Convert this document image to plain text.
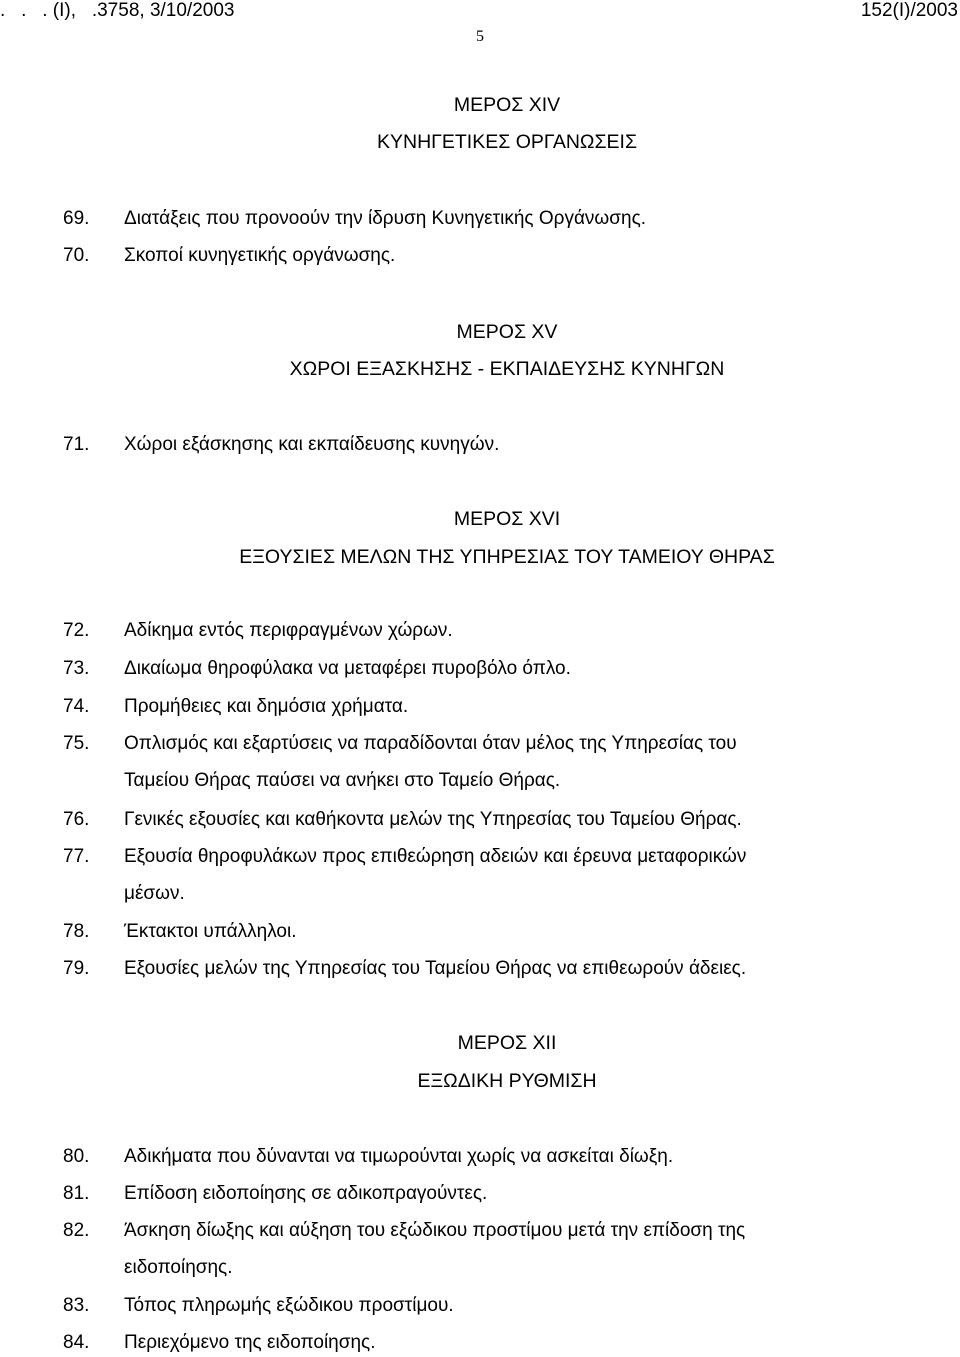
.   .   . (Ι),   .3758, 3/10/2003	152(Ι)/2003
5
ΜΕΡΟΣ XIV
ΚΥΝΗΓΕΤΙΚΕΣ ΟΡΓΑΝΩΣΕΙΣ
69. Διατάξεις που προνοούν την ίδρυση Κυνηγετικής Οργάνωσης.
70. Σκοποί κυνηγετικής οργάνωσης.
ΜΕΡΟΣ XV
ΧΩΡΟΙ ΕΞΑΣΚΗΣΗΣ - ΕΚΠΑΙΔΕΥΣΗΣ ΚΥΝΗΓΩΝ
71. Χώροι εξάσκησης και εκπαίδευσης κυνηγών.
ΜΕΡΟΣ XVI
ΕΞΟΥΣΙΕΣ ΜΕΛΩΝ ΤΗΣ ΥΠΗΡΕΣΙΑΣ ΤΟΥ ΤΑΜΕΙΟΥ ΘΗΡΑΣ
72. Αδίκημα εντός περιφραγμένων χώρων.
73. Δικαίωμα θηροφύλακα να μεταφέρει πυροβόλο όπλο.
74. Προμήθειες και δημόσια χρήματα.
75. Οπλισμός και εξαρτύσεις να παραδίδονται όταν μέλος της Υπηρεσίας του
Ταμείου Θήρας παύσει να ανήκει στο Ταμείο Θήρας.
76. Γενικές εξουσίες και καθήκοντα μελών της Υπηρεσίας του Ταμείου Θήρας.
77. Εξουσία θηροφυλάκων προς επιθεώρηση αδειών και έρευνα μεταφορικών
μέσων.
78. Έκτακτοι υπάλληλοι.
79. Εξουσίες μελών της Υπηρεσίας του Ταμείου Θήρας να επιθεωρούν άδειες.
ΜΕΡΟΣ XII
ΕΞΩΔΙΚΗ ΡΥΘΜΙΣΗ
80. Αδικήματα που δύνανται να τιμωρούνται χωρίς να ασκείται δίωξη.
81. Επίδοση ειδοποίησης σε αδικοπραγούντες.
82. Άσκηση δίωξης και αύξηση του εξώδικου προστίμου μετά την επίδοση της
ειδοποίησης.
83. Τόπος πληρωμής εξώδικου προστίμου.
84. Περιεχόμενο της ειδοποίησης.
